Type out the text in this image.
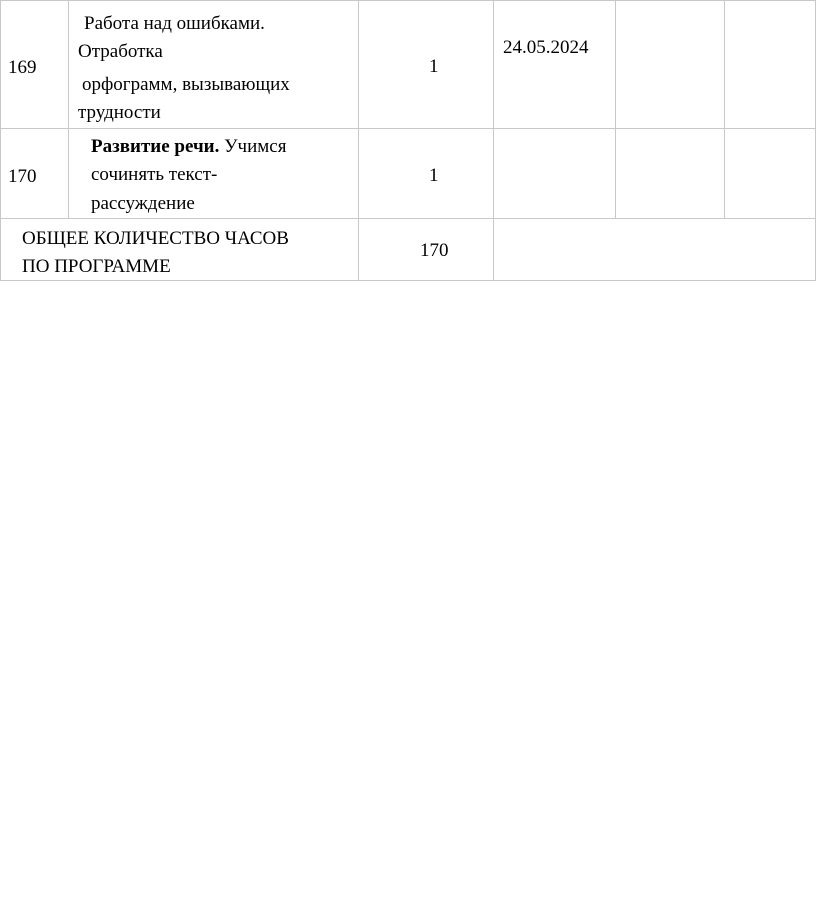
169
Работа над ошибками.
Отработка
орфограмм, вызывающих
трудности
1
24.05.2024
170
Развитие речи. Учимся
сочинять текст-
рассуждение
1
ОБЩЕЕ КОЛИЧЕСТВО ЧАСОВ
ПО ПРОГРАММЕ
170
